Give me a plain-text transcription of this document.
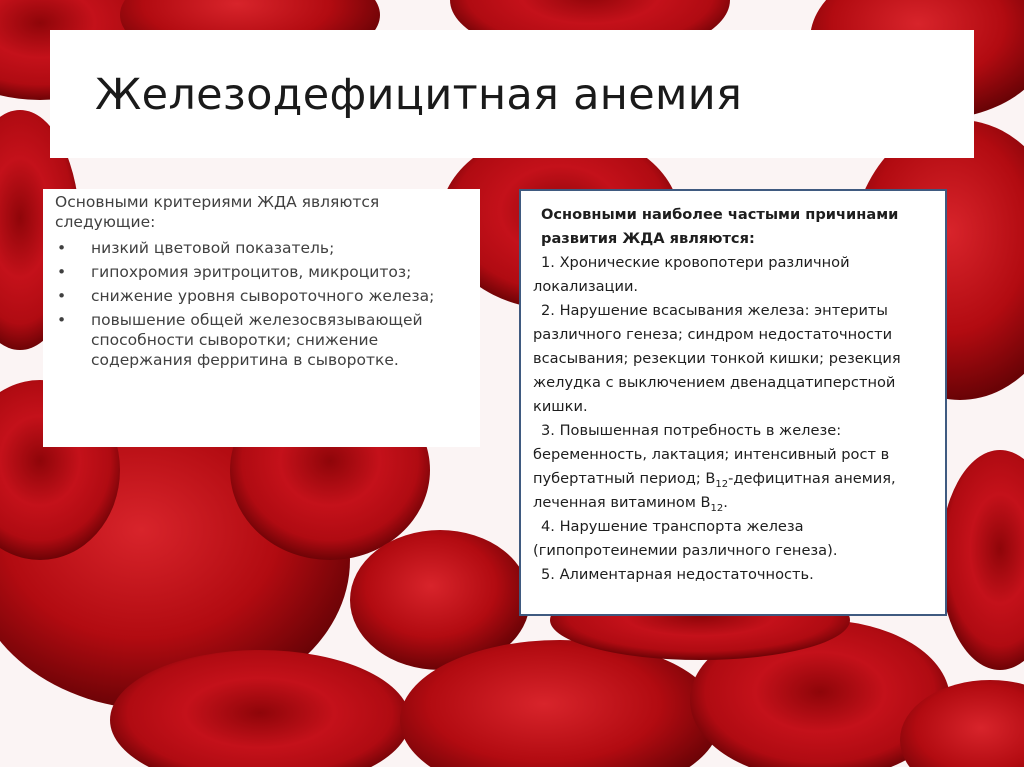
Железодефицитная анемия

Основными критериями ЖДА являются следующие:

• низкий цветовой показатель;
• гипохромия эритроцитов, микроцитоз;
• снижение уровня сывороточного железа;
• повышение общей железосвязывающей способности сыворотки; снижение содержания ферритина в сыворотке.

Основными наиболее частыми причинами развития ЖДА являются:

1. Хронические кровопотери различной локализации.

2. Нарушение всасывания железа: энтериты различного генеза; синдром недостаточности всасывания; резекции тонкой кишки; резекция желудка с выключением двенадцатиперстной кишки.

3. Повышенная потребность в железе: беременность, лактация; интенсивный рост в пубертатный период; $В_{12}$-дефицитная анемия, леченная витамином $В_{12}$.

4. Нарушение транспорта железа (гипопротеинемии различного генеза).

5. Алиментарная недостаточность.
